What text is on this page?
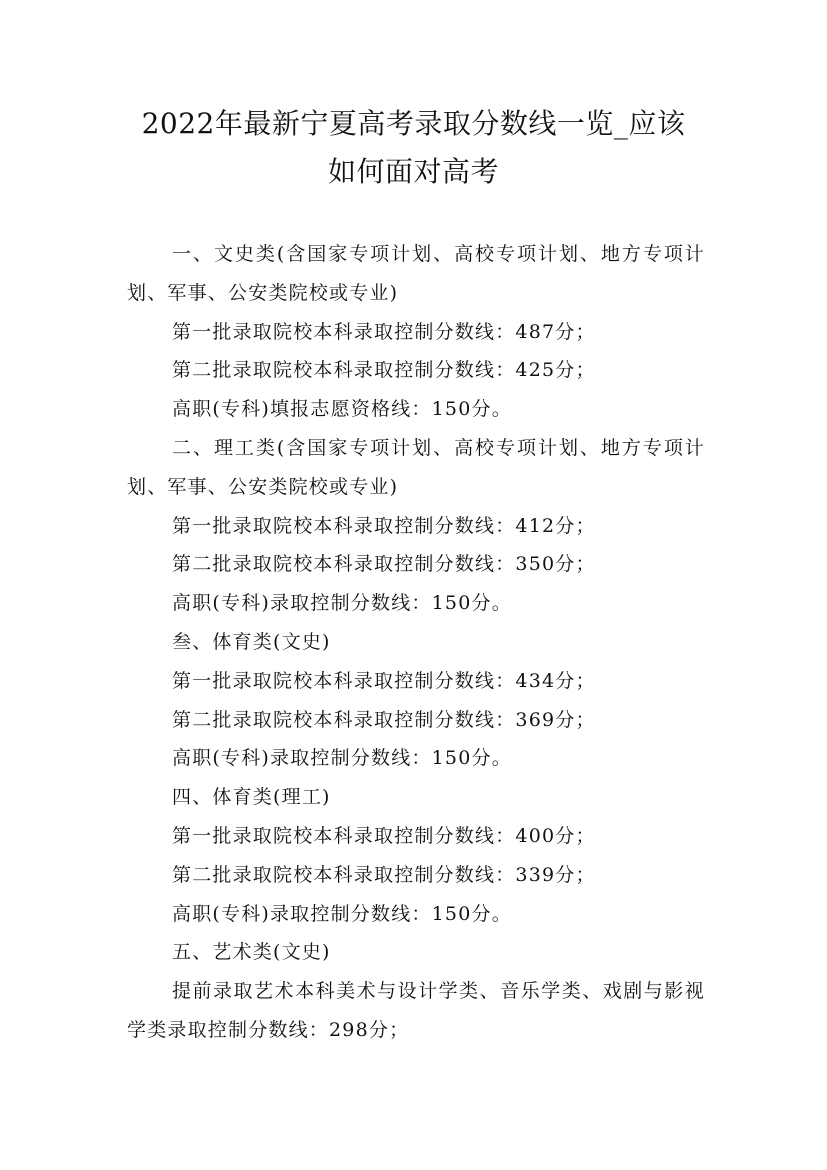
2022年最新宁夏高考录取分数线一览_应该
如何面对高考

一、文史类(含国家专项计划、高校专项计划、地方专项计划、军事、公安类院校或专业)

第一批录取院校本科录取控制分数线：487分；

第二批录取院校本科录取控制分数线：425分；

高职(专科)填报志愿资格线：150分。

二、理工类(含国家专项计划、高校专项计划、地方专项计划、军事、公安类院校或专业)

第一批录取院校本科录取控制分数线：412分；

第二批录取院校本科录取控制分数线：350分；

高职(专科)录取控制分数线：150分。

叁、体育类(文史)

第一批录取院校本科录取控制分数线：434分；

第二批录取院校本科录取控制分数线：369分；

高职(专科)录取控制分数线：150分。

四、体育类(理工)

第一批录取院校本科录取控制分数线：400分；

第二批录取院校本科录取控制分数线：339分；

高职(专科)录取控制分数线：150分。

五、艺术类(文史)

提前录取艺术本科美术与设计学类、音乐学类、戏剧与影视学类录取控制分数线：298分；
